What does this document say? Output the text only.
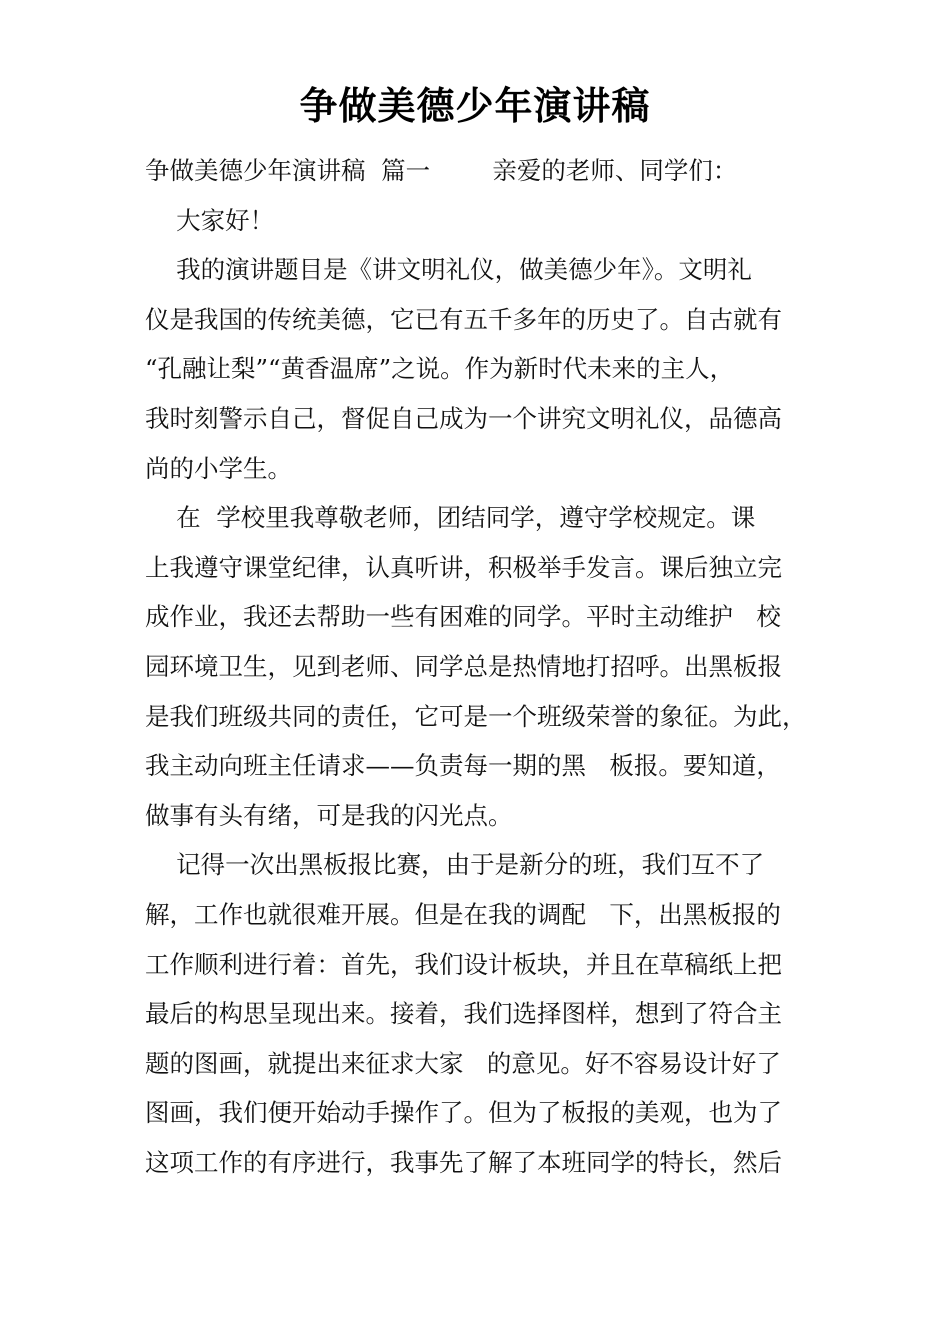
争做美德少年演讲稿
争做美德少年演讲稿  篇一        亲爱的老师、同学们：
大家好！
我的演讲题目是《讲文明礼仪，做美德少年》。文明礼
仪是我国的传统美德，它已有五千多年的历史了。自古就有
“孔融让梨”“黄香温席”之说。作为新时代未来的主人，
我时刻警示自己，督促自己成为一个讲究文明礼仪，品德高
尚的小学生。
在  学校里我尊敬老师，团结同学，遵守学校规定。课
上我遵守课堂纪律，认真听讲，积极举手发言。课后独立完
成作业，我还去帮助一些有困难的同学。平时主动维护   校
园环境卫生，见到老师、同学总是热情地打招呼。出黑板报
是我们班级共同的责任，它可是一个班级荣誉的象征。为此，
我主动向班主任请求——负责每一期的黑   板报。要知道，
做事有头有绪，可是我的闪光点。
记得一次出黑板报比赛，由于是新分的班，我们互不了
解，工作也就很难开展。但是在我的调配   下，出黑板报的
工作顺利进行着：首先，我们设计板块，并且在草稿纸上把
最后的构思呈现出来。接着，我们选择图样，想到了符合主
题的图画，就提出来征求大家   的意见。好不容易设计好了
图画，我们便开始动手操作了。但为了板报的美观，也为了
这项工作的有序进行，我事先了解了本班同学的特长，然后
